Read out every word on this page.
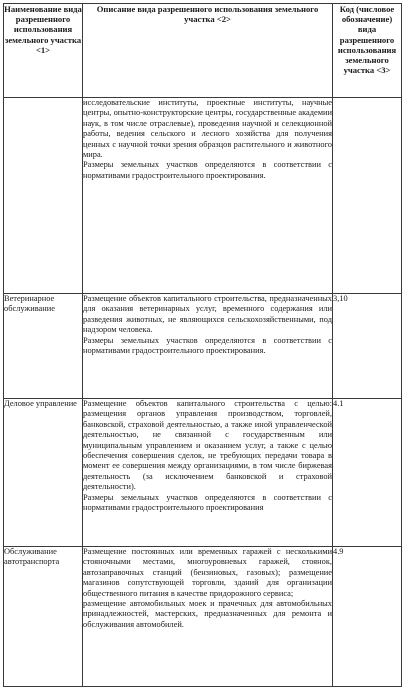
Наименование вида разрешенного использования земельного участка <1>	Описание вида разрешенного использования земельного участка <2>	Код (числовое обозначение) вида разрешенного использования земельного участка <3>

	исследовательские институты, проектные институты, научные центры, опытно-конструкторские центры, государственные академии наук, в том числе отраслевые), проведения научной и селекционной работы, ведения сельского и лесного хозяйства для получения ценных с научной точки зрения образцов растительного и животного мира.

Размеры земельных участков определяются в соответствии с нормативами градостроительного проектирования.	

Ветеринарное обслуживание	Размещение объектов капитального строительства, предназначенных для оказания ветеринарных услуг, временного содержания или разведения животных, не являющихся сельскохозяйственными, под надзором человека.

Размеры земельных участков определяются в соответствии с нормативами градостроительного проектирования.	3,10
Деловое управление	Размещение объектов капитального строительства с целью: размещения органов управления производством, торговлей, банковской, страховой деятельностью, а также иной управленческой деятельностью, не связанной с государственным или муниципальным управлением и оказанием услуг, а также с целью обеспечения совершения сделок, не требующих передачи товара в момент ее совершения между организациями, в том числе биржевая деятельность (за исключением банковской и страховой деятельности).

Размеры земельных участков определяются в соответствии с нормативами градостроительного проектирования	4.1
Обслуживание автотранспорта	Размещение постоянных или временных гаражей с несколькими стояночными местами, многоуровневых гаражей, стоянок, автозаправочных станций (бензиновых, газовых); размещение магазинов сопутствующей торговли, зданий для организации общественного питания в качестве придорожного сервиса;

размещение автомобильных моек и прачечных для автомобильных принадлежностей, мастерских, предназначенных для ремонта и обслуживания автомобилей.	4.9
